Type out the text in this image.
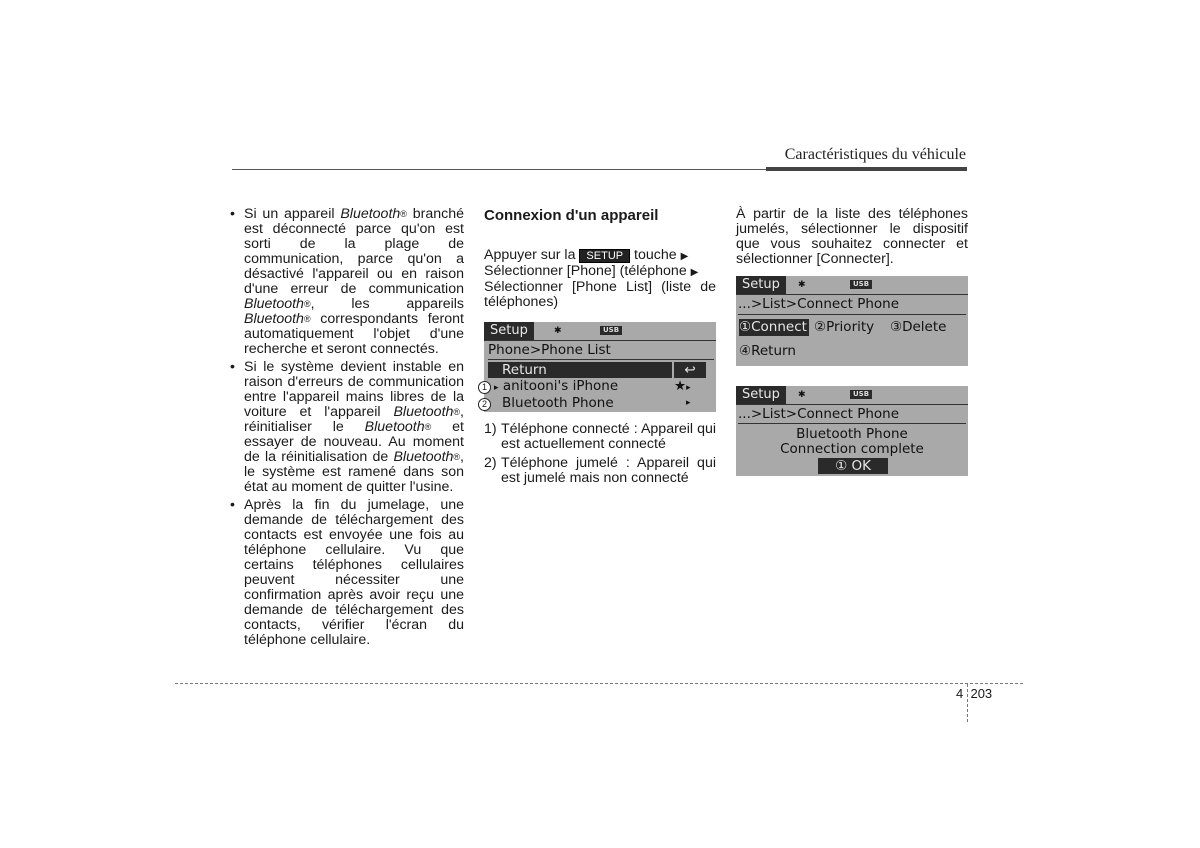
Caractéristiques du véhicule
• Si un appareil Bluetooth® branché est déconnecté parce qu'on est sorti de la plage de communication, parce qu'on a désactivé l'appareil ou en raison d'une erreur de communication Bluetooth®, les appareils Bluetooth® correspondants feront automatiquement l'objet d'une recherche et seront connectés.
• Si le système devient instable en raison d'erreurs de communication entre l'appareil mains libres de la voiture et l'appareil Bluetooth®, réinitialiser le Bluetooth® et essayer de nouveau. Au moment de la réinitialisation de Bluetooth®, le système est ramené dans son état au moment de quitter l'usine.
• Après la fin du jumelage, une demande de téléchargement des contacts est envoyée une fois au téléphone cellulaire. Vu que certains téléphones cellulaires peuvent nécessiter une confirmation après avoir reçu une demande de téléchargement des contacts, vérifier l'écran du téléphone cellulaire.
Connexion d'un appareil
Appuyer sur la SETUP touche ▶
Sélectionner [Phone] (téléphone ▶
Sélectionner [Phone List] (liste de téléphones)
Setup	✱	USB
Phone>Phone List
Return	↩
▸ anitooni's iPhone	★▸
Bluetooth Phone	▸
1
2
1) Téléphone connecté : Appareil qui est actuellement connecté
2) Téléphone jumelé : Appareil qui est jumelé mais non connecté
À partir de la liste des téléphones jumelés, sélectionner le dispositif que vous souhaitez connecter et sélectionner [Connecter].
Setup	✱	USB
...>List>Connect Phone
①Connect ②Priority ③Delete
④Return
Setup	✱	USB
...>List>Connect Phone
Bluetooth Phone
Connection complete
① OK
4 203
